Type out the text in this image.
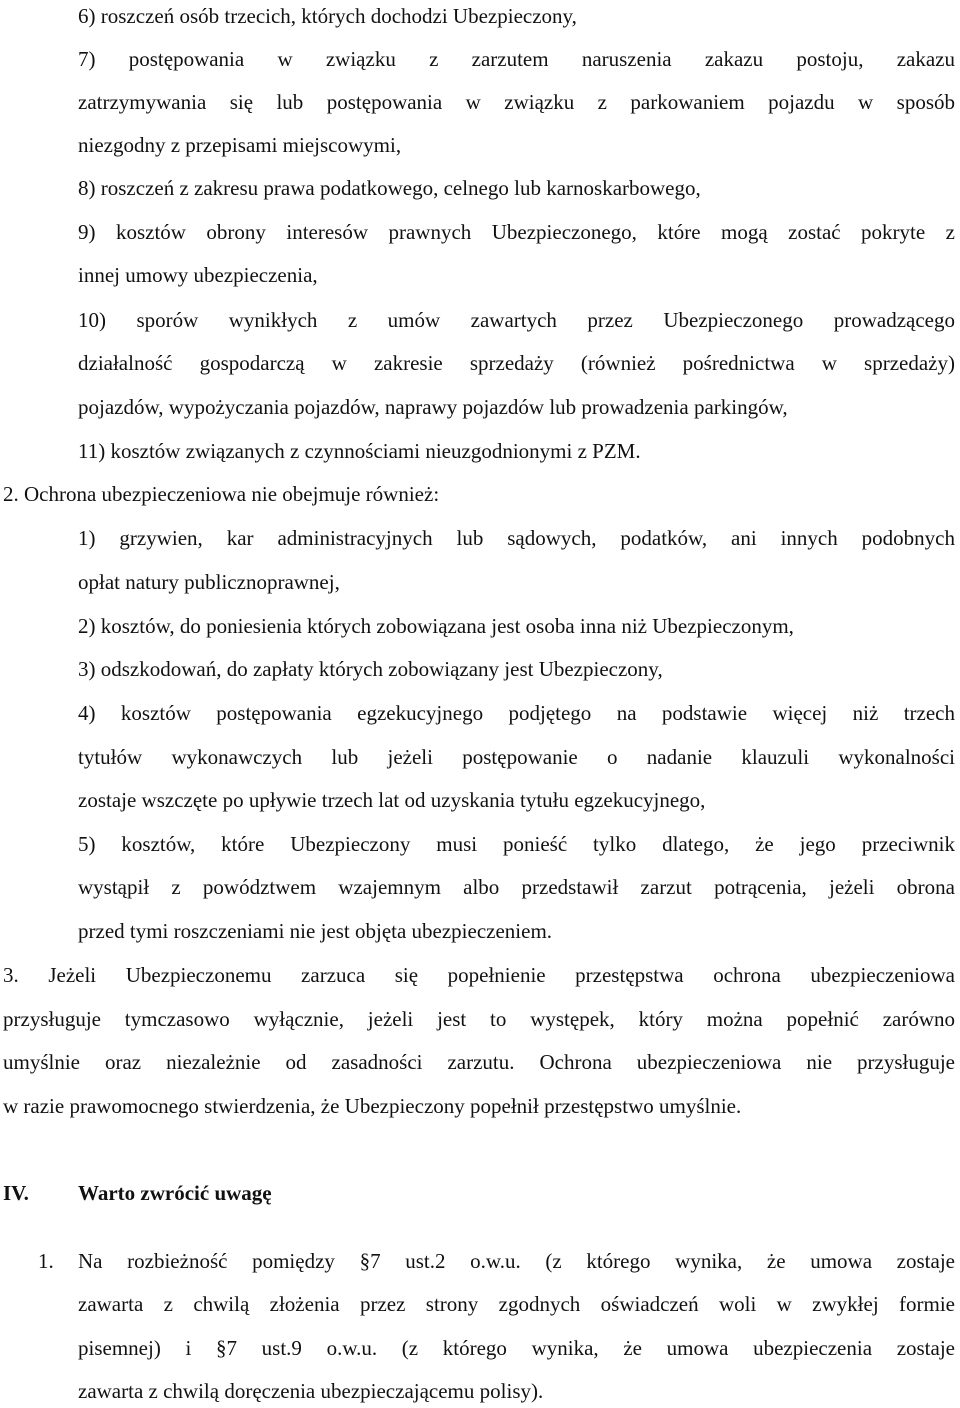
6) roszczeń osób trzecich, których dochodzi Ubezpieczony,

7) postępowania w związku z zarzutem naruszenia zakazu postoju, zakazu

zatrzymywania się lub postępowania w związku z parkowaniem pojazdu w sposób

niezgodny z przepisami miejscowymi,

8) roszczeń z zakresu prawa podatkowego, celnego lub karnoskarbowego,

9) kosztów obrony interesów prawnych Ubezpieczonego, które mogą zostać pokryte z

innej umowy ubezpieczenia,

10) sporów wynikłych z umów zawartych przez Ubezpieczonego prowadzącego

działalność gospodarczą w zakresie sprzedaży (również pośrednictwa w sprzedaży)

pojazdów, wypożyczania pojazdów, naprawy pojazdów lub prowadzenia parkingów,

11) kosztów związanych z czynnościami nieuzgodnionymi z PZM.

2. Ochrona ubezpieczeniowa nie obejmuje również:

1) grzywien, kar administracyjnych lub sądowych, podatków, ani innych podobnych

opłat natury publicznoprawnej,

2) kosztów, do poniesienia których zobowiązana jest osoba inna niż Ubezpieczonym,

3) odszkodowań, do zapłaty których zobowiązany jest Ubezpieczony,

4) kosztów postępowania egzekucyjnego podjętego na podstawie więcej niż trzech

tytułów wykonawczych lub jeżeli postępowanie o nadanie klauzuli wykonalności

zostaje wszczęte po upływie trzech lat od uzyskania tytułu egzekucyjnego,

5) kosztów, które Ubezpieczony musi ponieść tylko dlatego, że jego przeciwnik

wystąpił z powództwem wzajemnym albo przedstawił zarzut potrącenia, jeżeli obrona

przed tymi roszczeniami nie jest objęta ubezpieczeniem.

3. Jeżeli Ubezpieczonemu zarzuca się popełnienie przestępstwa ochrona ubezpieczeniowa

przysługuje tymczasowo wyłącznie, jeżeli jest to występek, który można popełnić zarówno

umyślnie oraz niezależnie od zasadności zarzutu. Ochrona ubezpieczeniowa nie przysługuje

w razie prawomocnego stwierdzenia, że Ubezpieczony popełnił przestępstwo umyślnie.

IV. Warto zwrócić uwagę

1. Na rozbieżność pomiędzy §7 ust.2 o.w.u. (z którego wynika, że umowa zostaje

zawarta z chwilą złożenia przez strony zgodnych oświadczeń woli w zwykłej formie

pisemnej) i §7 ust.9 o.w.u. (z którego wynika, że umowa ubezpieczenia zostaje

zawarta z chwilą doręczenia ubezpieczającemu polisy).
